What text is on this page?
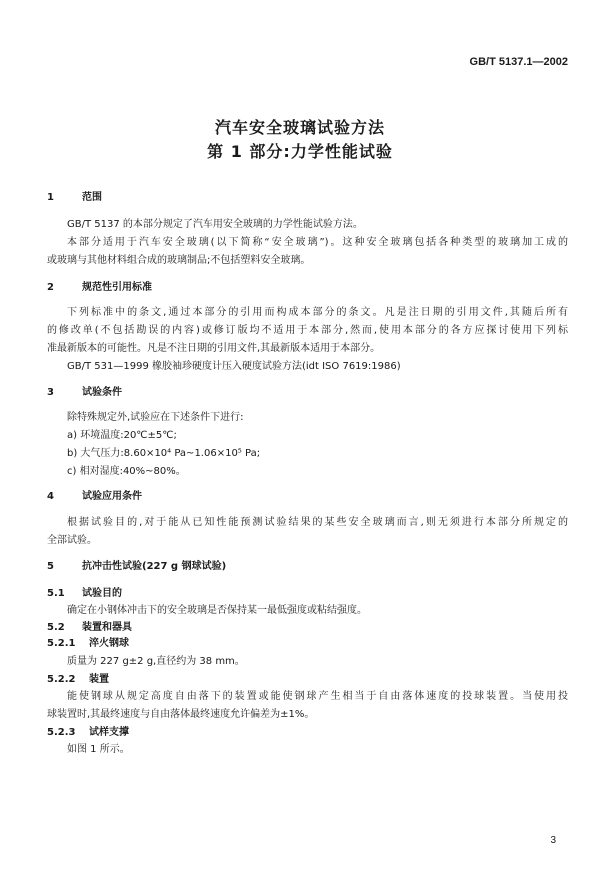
GB/T 5137.1—2002
汽车安全玻璃试验方法
第 1 部分:力学性能试验
1	范围
GB/T 5137 的本部分规定了汽车用安全玻璃的力学性能试验方法。
本部分适用于汽车安全玻璃(以下简称“安全玻璃”)。这种安全玻璃包括各种类型的玻璃加工成的
或玻璃与其他材料组合成的玻璃制品;不包括塑料安全玻璃。
2	规范性引用标准
下列标准中的条文,通过本部分的引用而构成本部分的条文。凡是注日期的引用文件,其随后所有
的修改单(不包括勘误的内容)或修订版均不适用于本部分,然而,使用本部分的各方应探讨使用下列标
准最新版本的可能性。凡是不注日期的引用文件,其最新版本适用于本部分。
GB/T 531—1999 橡胶袖珍硬度计压入硬度试验方法(idt ISO 7619:1986)
3	试验条件
除特殊规定外,试验应在下述条件下进行:
a) 环境温度:20℃±5℃;
b) 大气压力:8.60×10⁴ Pa~1.06×10⁵ Pa;
c) 相对湿度:40%~80%。
4	试验应用条件
根据试验目的,对于能从已知性能预测试验结果的某些安全玻璃而言,则无须进行本部分所规定的
全部试验。
5	抗冲击性试验(227 g 钢球试验)
5.1 试验目的
确定在小钢体冲击下的安全玻璃是否保持某一最低强度或粘结强度。
5.2 装置和器具
5.2.1 淬火钢球
质量为 227 g±2 g,直径约为 38 mm。
5.2.2 装置
能使钢球从规定高度自由落下的装置或能使钢球产生相当于自由落体速度的投球装置。当使用投
球装置时,其最终速度与自由落体最终速度允许偏差为±1%。
5.2.3 试样支撑
如图 1 所示。
3
